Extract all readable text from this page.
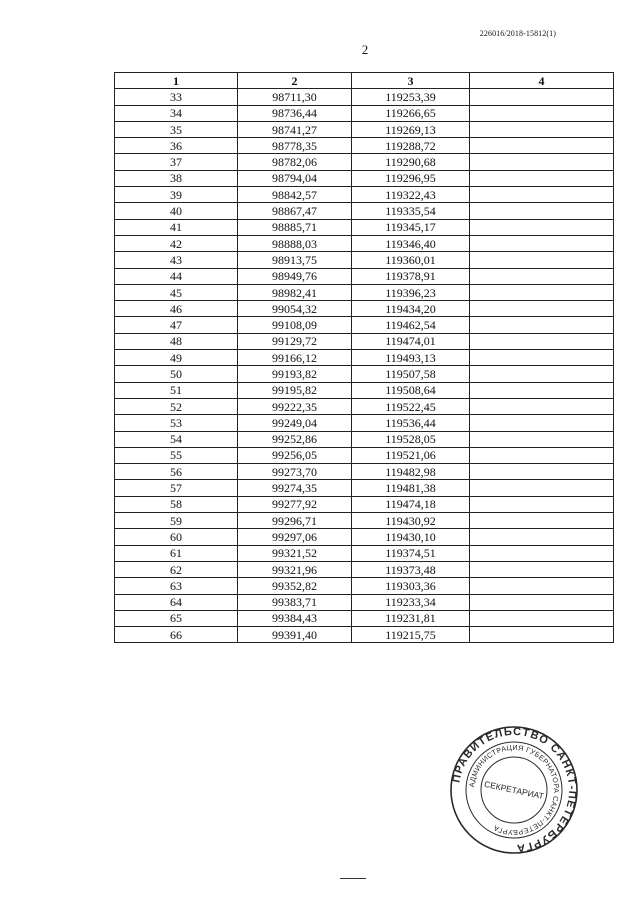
226016/2018-15812(1)
2
1	2	3	4
33	98711,30	119253,39	
34	98736,44	119266,65	
35	98741,27	119269,13	
36	98778,35	119288,72	
37	98782,06	119290,68	
38	98794,04	119296,95	
39	98842,57	119322,43	
40	98867,47	119335,54	
41	98885,71	119345,17	
42	98888,03	119346,40	
43	98913,75	119360,01	
44	98949,76	119378,91	
45	98982,41	119396,23	
46	99054,32	119434,20	
47	99108,09	119462,54	
48	99129,72	119474,01	
49	99166,12	119493,13	
50	99193,82	119507,58	
51	99195,82	119508,64	
52	99222,35	119522,45	
53	99249,04	119536,44	
54	99252,86	119528,05	
55	99256,05	119521,06	
56	99273,70	119482,98	
57	99274,35	119481,38	
58	99277,92	119474,18	
59	99296,71	119430,92	
60	99297,06	119430,10	
61	99321,52	119374,51	
62	99321,96	119373,48	
63	99352,82	119303,36	
64	99383,71	119233,34	
65	99384,43	119231,81	
66	99391,40	119215,75	
ПРАВИТЕЛЬСТВО САНКТ-ПЕТЕРБУРГА
АДМИНИСТРАЦИЯ ГУБЕРНАТОРА САНКТ-ПЕТЕРБУРГА
СЕКРЕТАРИАТ
